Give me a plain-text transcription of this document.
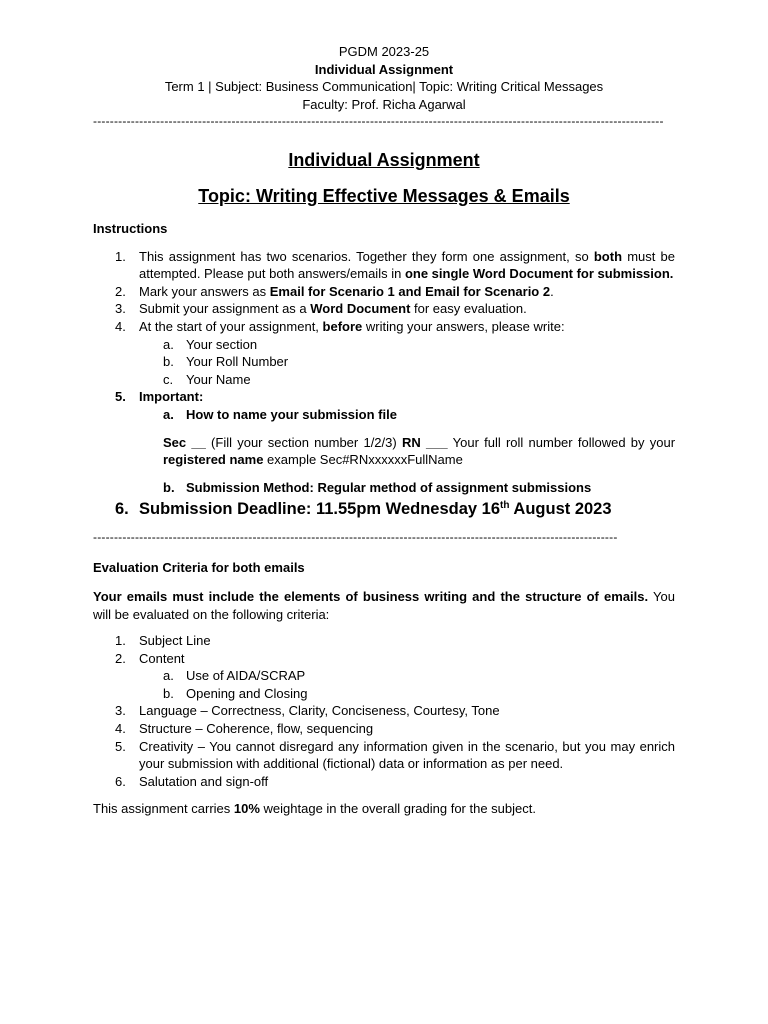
PGDM 2023-25
Individual Assignment
Term 1 | Subject: Business Communication| Topic: Writing Critical Messages
Faculty: Prof. Richa Agarwal
----------------------------------------------------------------------------------------------------------------------------------------
Individual Assignment
Topic: Writing Effective Messages & Emails
Instructions
1. This assignment has two scenarios. Together they form one assignment, so both must be attempted. Please put both answers/emails in one single Word Document for submission.
2. Mark your answers as Email for Scenario 1 and Email for Scenario 2.
3. Submit your assignment as a Word Document for easy evaluation.
4. At the start of your assignment, before writing your answers, please write:
a. Your section
b. Your Roll Number
c. Your Name
5. Important:
a. How to name your submission file
Sec __ (Fill your section number 1/2/3) RN ___ Your full roll number followed by your registered name example Sec#RNxxxxxxFullName
b. Submission Method: Regular method of assignment submissions
6. Submission Deadline: 11.55pm Wednesday 16th August 2023
-----------------------------------------------------------------------------------------------------------------------------
Evaluation Criteria for both emails
Your emails must include the elements of business writing and the structure of emails. You will be evaluated on the following criteria:
1. Subject Line
2. Content
a. Use of AIDA/SCRAP
b. Opening and Closing
3. Language – Correctness, Clarity, Conciseness, Courtesy, Tone
4. Structure – Coherence, flow, sequencing
5. Creativity – You cannot disregard any information given in the scenario, but you may enrich your submission with additional (fictional) data or information as per need.
6. Salutation and sign-off
This assignment carries 10% weightage in the overall grading for the subject.
